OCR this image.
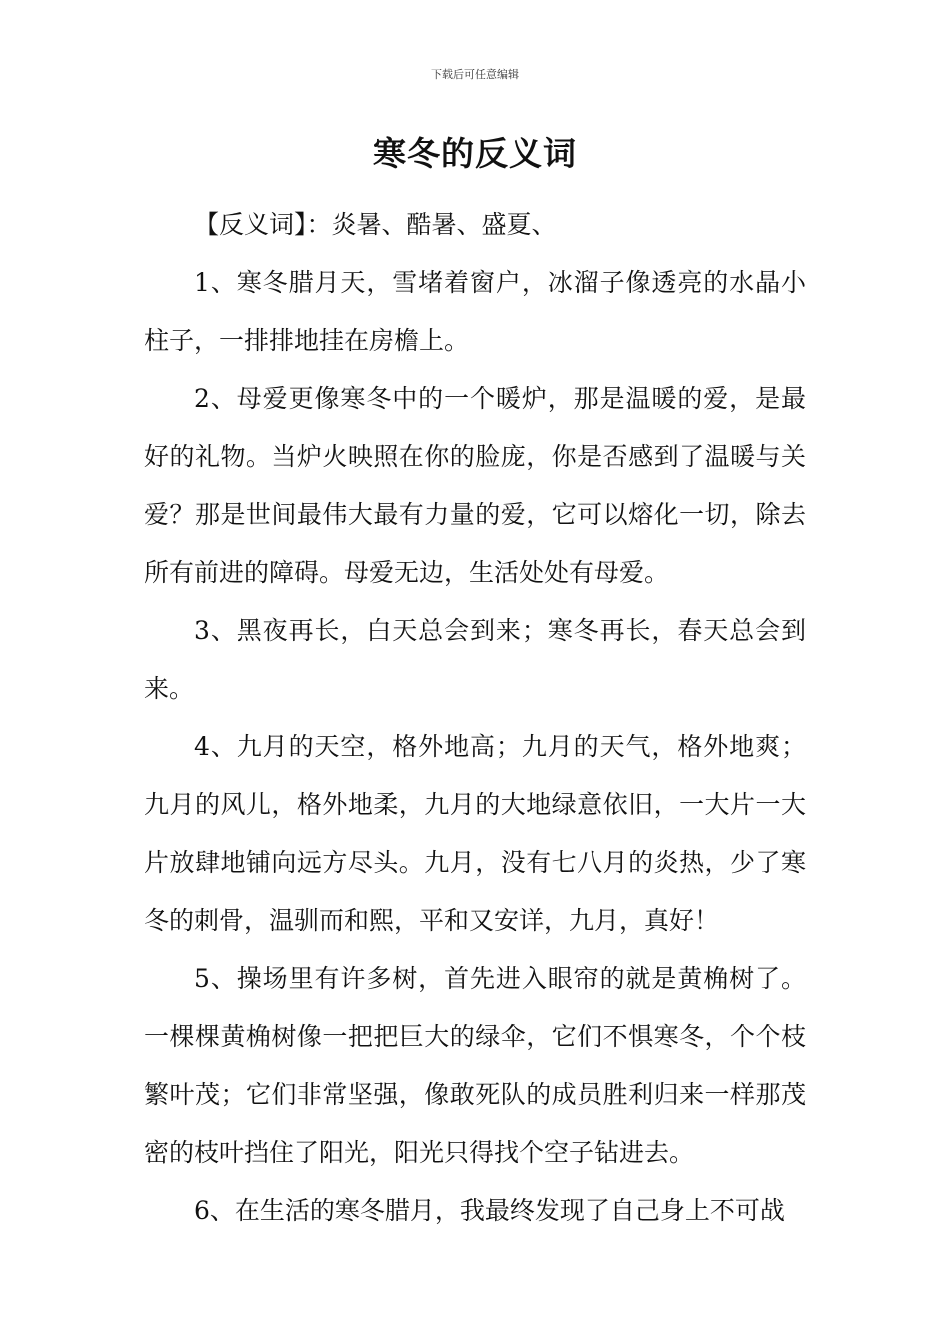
下载后可任意编辑
寒冬的反义词

【反义词】：炎暑、酷暑、盛夏、

1、寒冬腊月天，雪堵着窗户，冰溜子像透亮的水晶小柱子，一排排地挂在房檐上。

2、母爱更像寒冬中的一个暖炉，那是温暖的爱，是最好的礼物。当炉火映照在你的脸庞，你是否感到了温暖与关爱？那是世间最伟大最有力量的爱，它可以熔化一切，除去所有前进的障碍。母爱无边，生活处处有母爱。

3、黑夜再长，白天总会到来；寒冬再长，春天总会到来。

4、九月的天空，格外地高；九月的天气，格外地爽；九月的风儿，格外地柔，九月的大地绿意依旧，一大片一大片放肆地铺向远方尽头。九月，没有七八月的炎热，少了寒冬的刺骨，温驯而和熙，平和又安详，九月，真好！

5、操场里有许多树，首先进入眼帘的就是黄桷树了。一棵棵黄桷树像一把把巨大的绿伞，它们不惧寒冬，个个枝繁叶茂；它们非常坚强，像敢死队的成员胜利归来一样那茂密的枝叶挡住了阳光，阳光只得找个空子钻进去。

6、在生活的寒冬腊月，我最终发现了自己身上不可战
